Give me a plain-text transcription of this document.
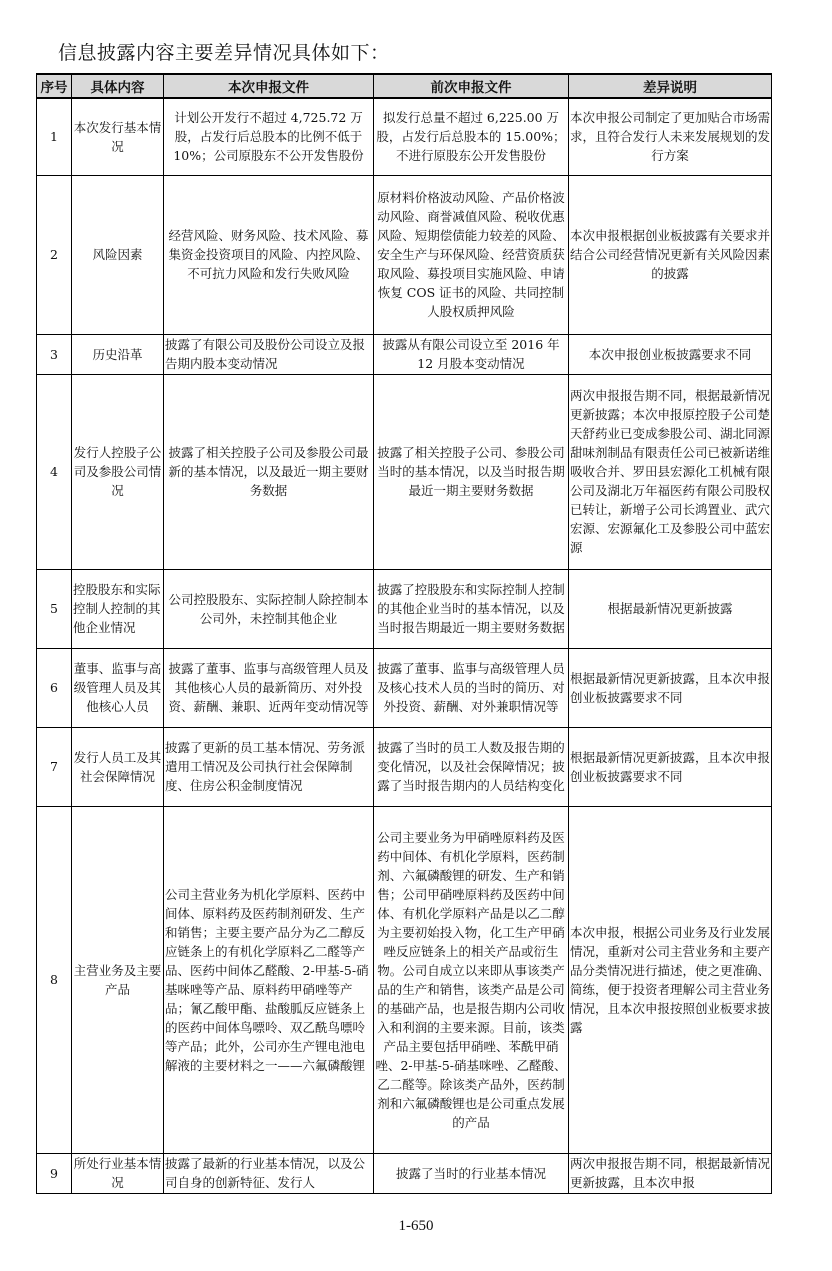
信息披露内容主要差异情况具体如下：
序号	具体内容	本次申报文件	前次申报文件	差异说明
1	本次发行基本情况	计划公开发行不超过 4,725.72 万股，占发行后总股本的比例不低于 10%；公司原股东不公开发售股份	拟发行总量不超过 6,225.00 万股，占发行后总股本的 15.00%；不进行原股东公开发售股份	本次申报公司制定了更加贴合市场需求，且符合发行人未来发展规划的发行方案
2	风险因素	经营风险、财务风险、技术风险、募集资金投资项目的风险、内控风险、不可抗力风险和发行失败风险	原材料价格波动风险、产品价格波动风险、商誉减值风险、税收优惠风险、短期偿债能力较差的风险、安全生产与环保风险、经营资质获取风险、募投项目实施风险、申请恢复 COS 证书的风险、共同控制人股权质押风险	本次申报根据创业板披露有关要求并结合公司经营情况更新有关风险因素的披露
3	历史沿革	披露了有限公司及股份公司设立及报告期内股本变动情况	披露从有限公司设立至 2016 年 12 月股本变动情况	本次申报创业板披露要求不同
4	发行人控股子公司及参股公司情况	披露了相关控股子公司及参股公司最新的基本情况，以及最近一期主要财务数据	披露了相关控股子公司、参股公司当时的基本情况，以及当时报告期最近一期主要财务数据	两次申报报告期不同，根据最新情况更新披露；本次申报原控股子公司楚天舒药业已变成参股公司、湖北同源甜味剂制品有限责任公司已被新诺维吸收合并、罗田县宏源化工机械有限公司及湖北万年福医药有限公司股权已转让，新增子公司长鸿置业、武穴宏源、宏源氟化工及参股公司中蓝宏源
5	控股股东和实际控制人控制的其他企业情况	公司控股股东、实际控制人除控制本公司外，未控制其他企业	披露了控股股东和实际控制人控制的其他企业当时的基本情况，以及当时报告期最近一期主要财务数据	根据最新情况更新披露
6	董事、监事与高级管理人员及其他核心人员	披露了董事、监事与高级管理人员及其他核心人员的最新简历、对外投资、薪酬、兼职、近两年变动情况等	披露了董事、监事与高级管理人员及核心技术人员的当时的简历、对外投资、薪酬、对外兼职情况等	根据最新情况更新披露，且本次申报创业板披露要求不同
7	发行人员工及其社会保障情况	披露了更新的员工基本情况、劳务派遣用工情况及公司执行社会保障制度、住房公积金制度情况	披露了当时的员工人数及报告期的变化情况，以及社会保障情况；披露了当时报告期内的人员结构变化	根据最新情况更新披露，且本次申报创业板披露要求不同
8	主营业务及主要产品	公司主营业务为机化学原料、医药中间体、原料药及医药制剂研发、生产和销售；主要主要产品分为乙二醇反应链条上的有机化学原料乙二醛等产品、医药中间体乙醛酸、2-甲基-5-硝基咪唑等产品、原料药甲硝唑等产品；氰乙酸甲酯、盐酸胍反应链条上的医药中间体鸟嘌呤、双乙酰鸟嘌呤等产品；此外，公司亦生产锂电池电解液的主要材料之一——六氟磷酸锂	公司主要业务为甲硝唑原料药及医药中间体、有机化学原料，医药制剂、六氟磷酸锂的研发、生产和销售；公司甲硝唑原料药及医药中间体、有机化学原料产品是以乙二醇为主要初始投入物，化工生产甲硝唑反应链条上的相关产品或衍生物。公司自成立以来即从事该类产品的生产和销售，该类产品是公司的基础产品，也是报告期内公司收入和利润的主要来源。目前，该类产品主要包括甲硝唑、苯酰甲硝唑、2-甲基-5-硝基咪唑、乙醛酸、乙二醛等。除该类产品外，医药制剂和六氟磷酸锂也是公司重点发展的产品	本次申报，根据公司业务及行业发展情况，重新对公司主营业务和主要产品分类情况进行描述，使之更准确、简练，便于投资者理解公司主营业务情况，且本次申报按照创业板要求披露
9	所处行业基本情况	披露了最新的行业基本情况，以及公司自身的创新特征、发行人	披露了当时的行业基本情况	两次申报报告期不同，根据最新情况更新披露，且本次申报
1-650
